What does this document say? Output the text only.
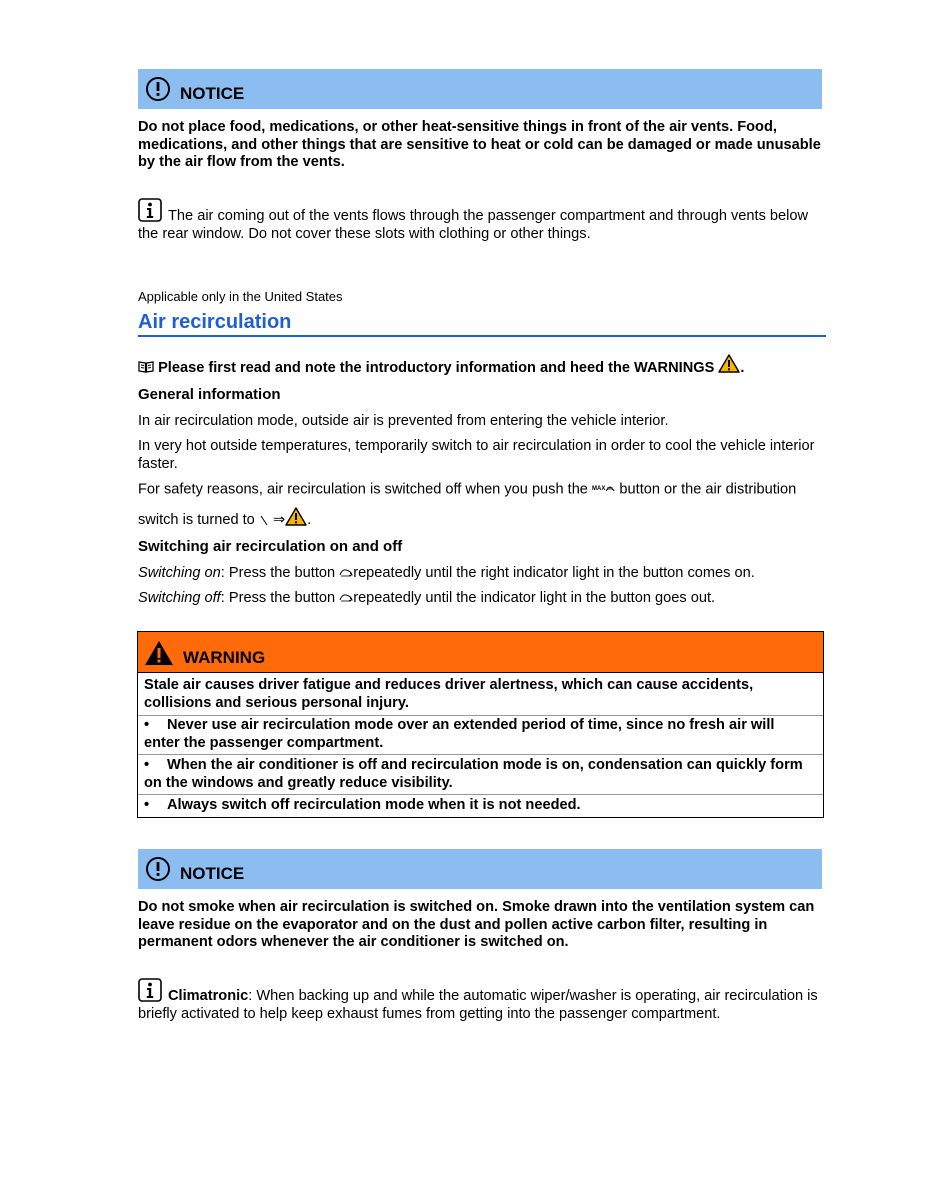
NOTICE

Do not place food, medications, or other heat-sensitive things in front of the air vents. Food, medications, and other things that are sensitive to heat or cold can be damaged or made unusable by the air flow from the vents.

The air coming out of the vents flows through the passenger compartment and through vents below the rear window. Do not cover these slots with clothing or other things.
Applicable only in the United States
Air recirculation
Please first read and note the introductory information and heed the WARNINGS .
General information
In air recirculation mode, outside air is prevented from entering the vehicle interior.
In very hot outside temperatures, temporarily switch to air recirculation in order to cool the vehicle interior faster.
For safety reasons, air recirculation is switched off when you push the MAX button or the air distribution
switch is turned to ⇒ .
Switching air recirculation on and off
Switching on: Press the button repeatedly until the right indicator light in the button comes on.
Switching off: Press the button repeatedly until the indicator light in the button goes out.
WARNING
Stale air causes driver fatigue and reduces driver alertness, which can cause accidents, collisions and serious personal injury.
• Never use air recirculation mode over an extended period of time, since no fresh air will enter the passenger compartment.
• When the air conditioner is off and recirculation mode is on, condensation can quickly form on the windows and greatly reduce visibility.
• Always switch off recirculation mode when it is not needed.
NOTICE

Do not smoke when air recirculation is switched on. Smoke drawn into the ventilation system can leave residue on the evaporator and on the dust and pollen active carbon filter, resulting in permanent odors whenever the air conditioner is switched on.

Climatronic: When backing up and while the automatic wiper/washer is operating, air recirculation is briefly activated to help keep exhaust fumes from getting into the passenger compartment.
